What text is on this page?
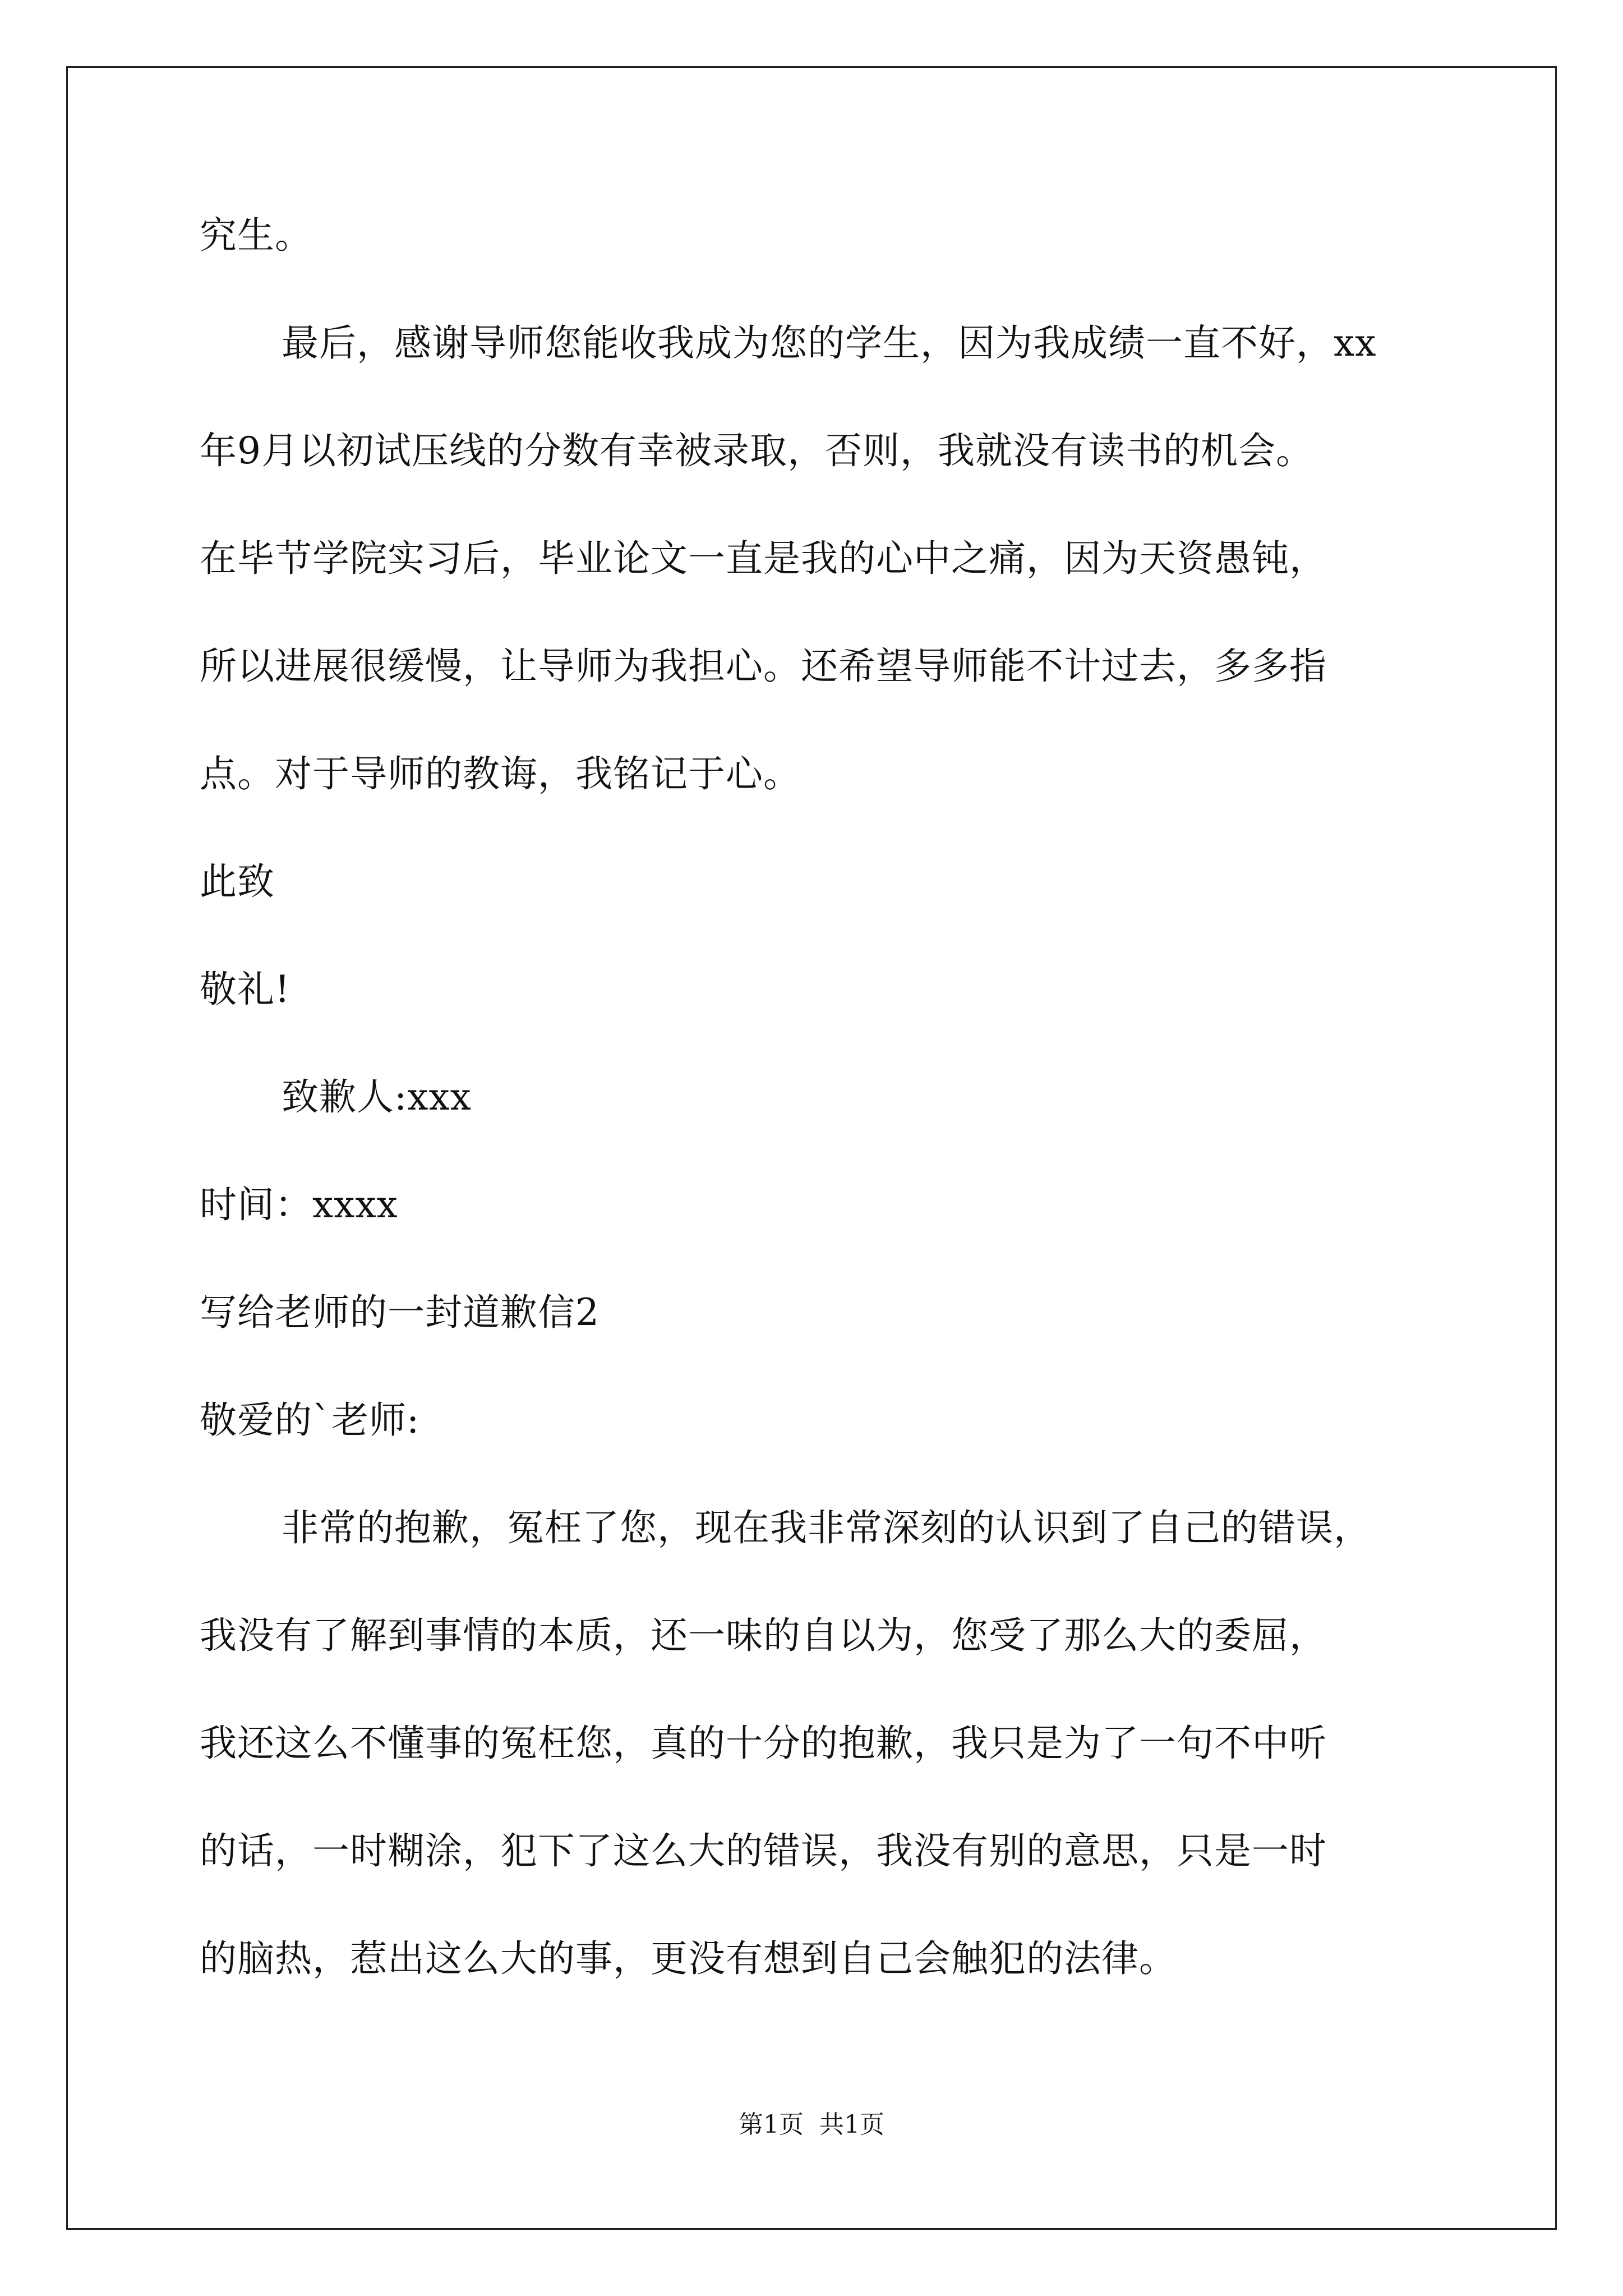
究生。
最后，感谢导师您能收我成为您的学生，因为我成绩一直不好，xx
年9月以初试压线的分数有幸被录取，否则，我就没有读书的机会。
在毕节学院实习后，毕业论文一直是我的心中之痛，因为天资愚钝，
所以进展很缓慢，让导师为我担心。还希望导师能不计过去，多多指
点。对于导师的教诲，我铭记于心。
此致
敬礼!
致歉人:xxx
时间：xxxx
写给老师的一封道歉信2
敬爱的`老师:
非常的抱歉，冤枉了您，现在我非常深刻的认识到了自己的错误，
我没有了解到事情的本质，还一味的自以为，您受了那么大的委屈，
我还这么不懂事的冤枉您，真的十分的抱歉，我只是为了一句不中听
的话，一时糊涂，犯下了这么大的错误，我没有别的意思，只是一时
的脑热，惹出这么大的事，更没有想到自己会触犯的法律。
第1页  共1页
